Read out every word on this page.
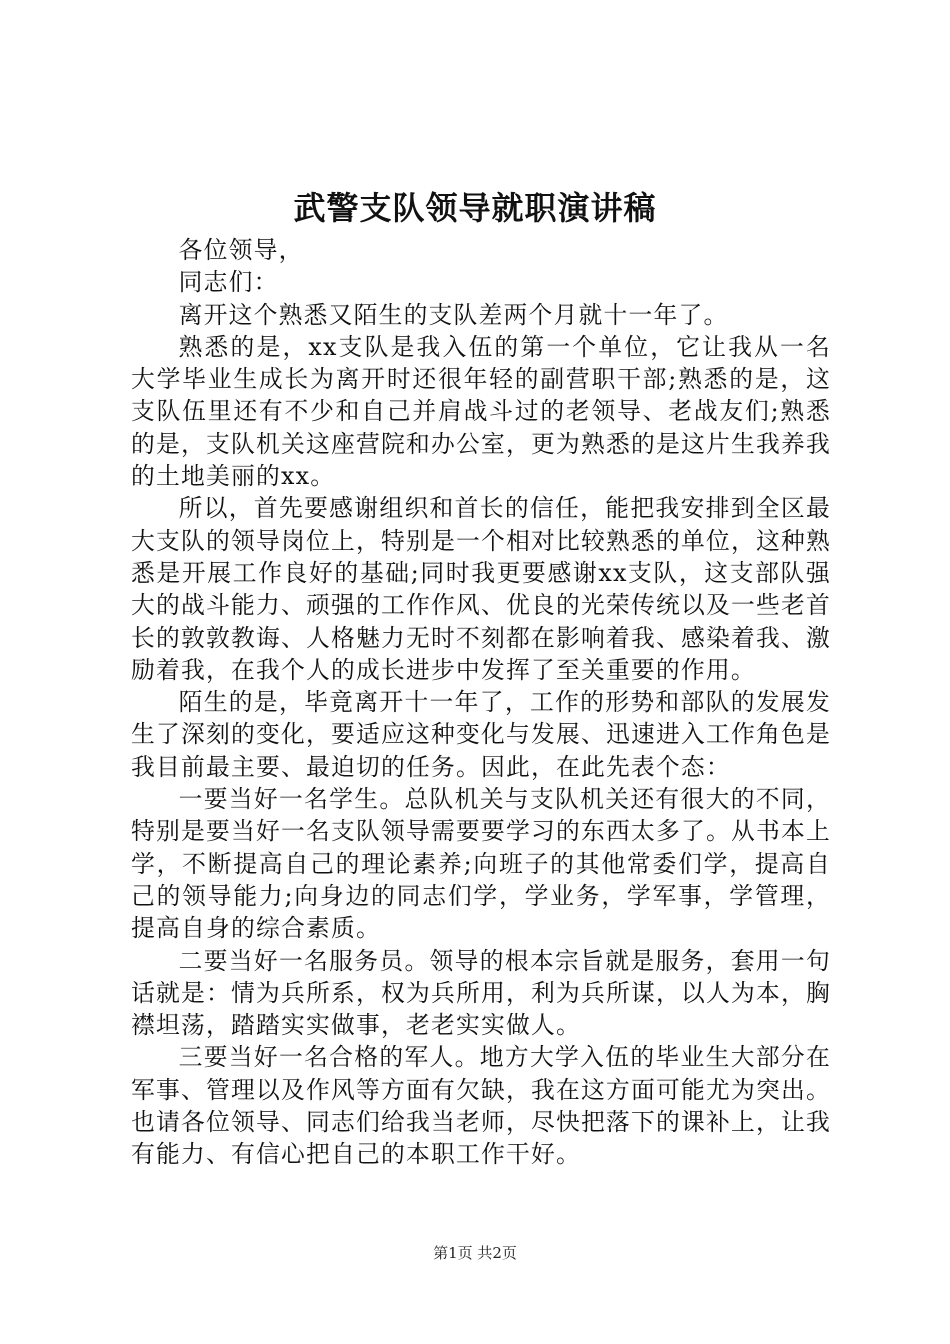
武警支队领导就职演讲稿

各位领导，

同志们：

离开这个熟悉又陌生的支队差两个月就十一年了。

熟悉的是，xx支队是我入伍的第一个单位，它让我从一名大学毕业生成长为离开时还很年轻的副营职干部;熟悉的是，这支队伍里还有不少和自己并肩战斗过的老领导、老战友们;熟悉的是，支队机关这座营院和办公室，更为熟悉的是这片生我养我的土地美丽的xx。

所以，首先要感谢组织和首长的信任，能把我安排到全区最大支队的领导岗位上，特别是一个相对比较熟悉的单位，这种熟悉是开展工作良好的基础;同时我更要感谢xx支队，这支部队强大的战斗能力、顽强的工作作风、优良的光荣传统以及一些老首长的敦敦教诲、人格魅力无时不刻都在影响着我、感染着我、激励着我，在我个人的成长进步中发挥了至关重要的作用。

陌生的是，毕竟离开十一年了，工作的形势和部队的发展发生了深刻的变化，要适应这种变化与发展、迅速进入工作角色是我目前最主要、最迫切的任务。因此，在此先表个态：

一要当好一名学生。总队机关与支队机关还有很大的不同，特别是要当好一名支队领导需要要学习的东西太多了。从书本上学，不断提高自己的理论素养;向班子的其他常委们学，提高自己的领导能力;向身边的同志们学，学业务，学军事，学管理，提高自身的综合素质。

二要当好一名服务员。领导的根本宗旨就是服务，套用一句话就是：情为兵所系，权为兵所用，利为兵所谋，以人为本，胸襟坦荡，踏踏实实做事，老老实实做人。

三要当好一名合格的军人。地方大学入伍的毕业生大部分在军事、管理以及作风等方面有欠缺，我在这方面可能尤为突出。也请各位领导、同志们给我当老师，尽快把落下的课补上，让我有能力、有信心把自己的本职工作干好。

第1页 共2页
